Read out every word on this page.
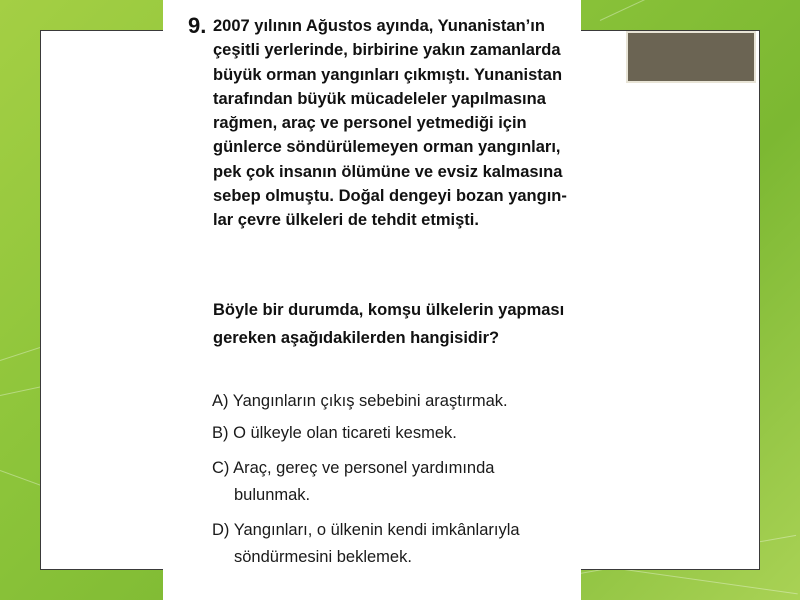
9. 2007 yılının Ağustos ayında, Yunanistan’ın
çeşitli yerlerinde, birbirine yakın zamanlarda
büyük orman yangınları çıkmıştı. Yunanistan
tarafından büyük mücadeleler yapılmasına
rağmen, araç ve personel yetmediği için
günlerce söndürülemeyen orman yangınları,
pek çok insanın ölümüne ve evsiz kalmasına
sebep olmuştu. Doğal dengeyi bozan yangın-
lar çevre ülkeleri de tehdit etmişti.
Böyle bir durumda, komşu ülkelerin yapması
gereken aşağıdakilerden hangisidir?
A) Yangınların çıkış sebebini araştırmak.
B) O ülkeyle olan ticareti kesmek.
C) Araç, gereç ve personel yardımında
bulunmak.
D) Yangınları, o ülkenin kendi imkânlarıyla
söndürmesini beklemek.
